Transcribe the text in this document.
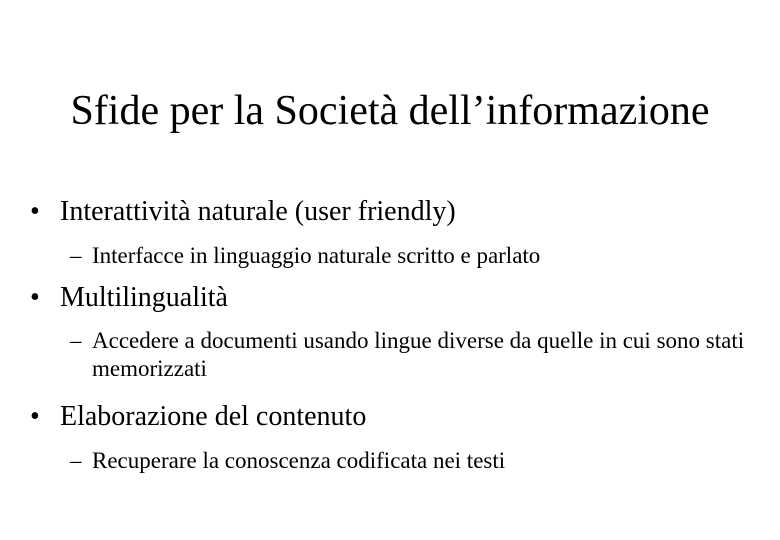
Sfide per la Società dell’informazione
• Interattività naturale (user friendly)
– Interfacce in linguaggio naturale scritto e parlato
• Multilingualità
– Accedere a documenti usando lingue diverse da quelle in cui sono stati memorizzati
• Elaborazione del contenuto
– Recuperare la conoscenza codificata nei testi
